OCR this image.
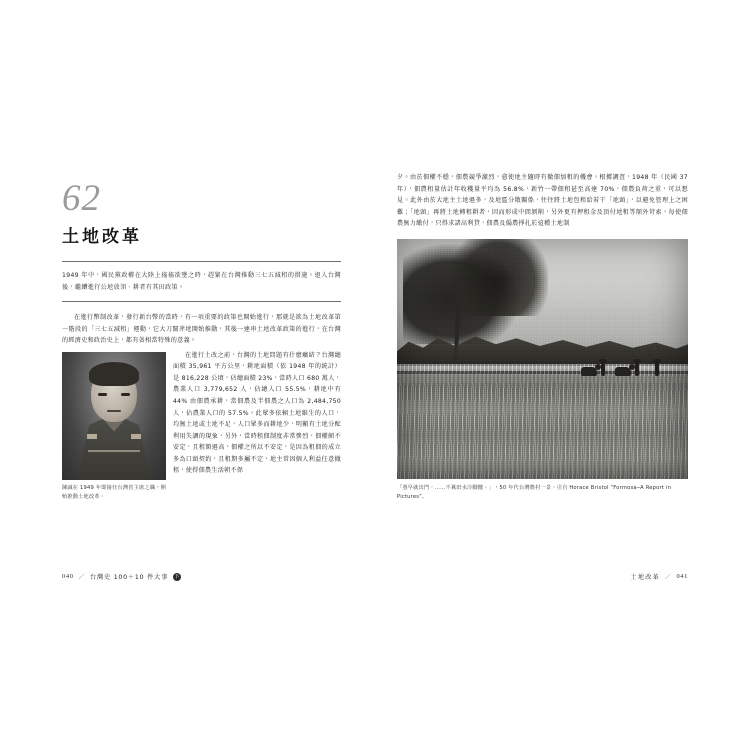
62
土地改革
1949 年中，國民黨政權在大陸上搖搖欲墜之時，趕緊在台灣推動三七五減租的措施。退入台灣後，繼續進行公地放領、耕者有其田政策。

在進行幣制改革，發行新台幣的當時，有一項重要的政策也開始進行，那就是欲為土地改革第一階段的「三七五減租」運動，它大刀闊斧地開始推動，其後一連串土地改革政策的進行，在台灣的經濟史和政治史上，都有著相當特殊的意義。

陳誠在 1949 年即接任台灣省主席之職，開始推動土地改革。

在進行土改之前，台灣的土地問題有什麼癥結？台灣總面積 35,961 平方公里，耕地面積（依 1948 年的統計）是 816,228 公頃，佔總面積 23%，當時人口 680 萬人，農業人口 3,779,652 人，佔總人口 55.5%，耕地中有 44% 由佃農承耕，當佃農及半佃農之人口為 2,484,750 人，佔農業人口的 57.5%。此眾多依賴土地維生的人口，均無土地或土地不足，人口眾多而耕地少，明顯有土地分配利用失調的現象，另外，當時租佃制度非常慘烈，佃權頗不安定，且租額過高，佃權之所以不安定，是因為租佃的成立多為口頭契約，且租期多屬不定，地主常因個人利益任意撤租，使得佃農生活朝不保

040 ／ 台灣史 100＋10 件大事 下

夕。由於佃權不穩，佃農競爭激烈，愈使地主隨時有撤佃加租的機會。根據調查，1948 年（民國 37 年），佃農租量估計年收穫量平均為 56.8%，新竹一帶佃租甚至高達 70%，佃農負荷之重，可以想見。此外由於大地主土地過多，及地區分散關係，往往將土地包租給若干「地頭」，以避免管理上之困難；「地頭」再將土地轉租耕者，因而形成中間剝削，另外更有押租金及頂付地租等額外苛索，每使佃農無力繳付，只得求諸高利貸，佃農及偏農掙扎於這種土地制

「憑早就出門，……不冀田水冷腳酸。」，50 年代台灣農村一景。引自 Horace Bristol “Formosa─A Report in Pictures”。
土地改革 ／ 041
